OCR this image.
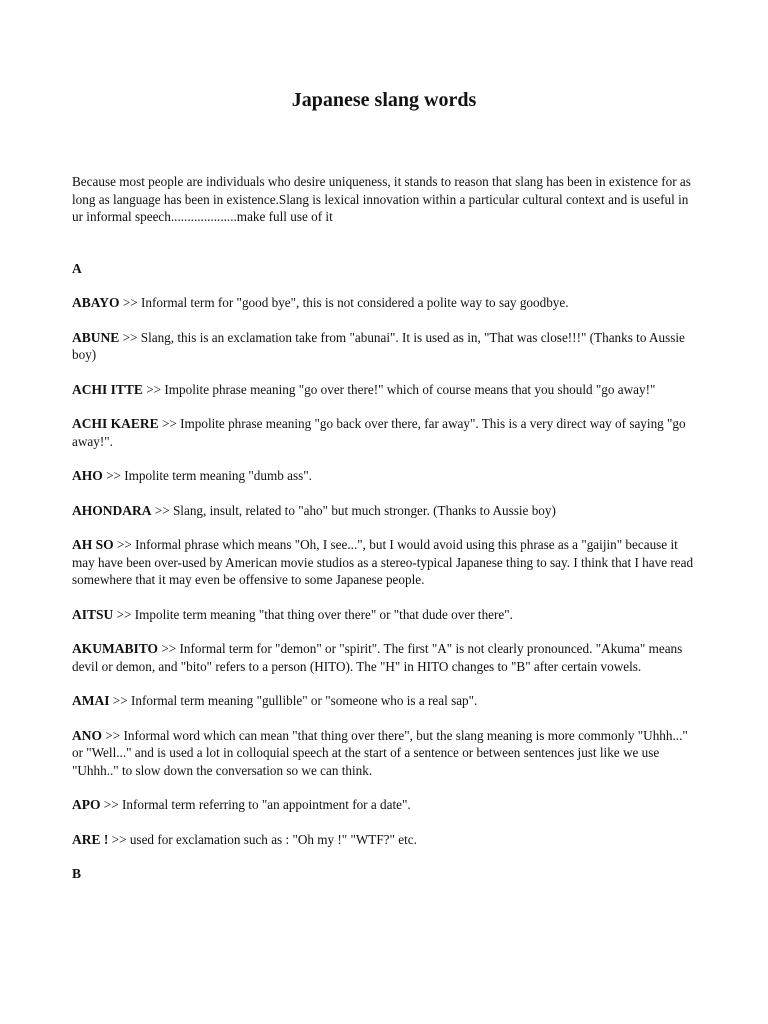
Japanese slang words

Because most people are individuals who desire uniqueness, it stands to reason that slang has been in existence for as long as language has been in existence.Slang is lexical innovation within a particular cultural context and is useful in ur informal speech....................make full use of it

A

ABAYO >> Informal term for "good bye", this is not considered a polite way to say goodbye.

ABUNE >> Slang, this is an exclamation take from "abunai". It is used as in, "That was close!!!" (Thanks to Aussie boy)

ACHI ITTE >> Impolite phrase meaning "go over there!" which of course means that you should "go away!"

ACHI KAERE >> Impolite phrase meaning "go back over there, far away". This is a very direct way of saying "go away!".

AHO >> Impolite term meaning "dumb ass".

AHONDARA >> Slang, insult, related to "aho" but much stronger. (Thanks to Aussie boy)

AH SO >> Informal phrase which means "Oh, I see...", but I would avoid using this phrase as a "gaijin" because it may have been over-used by American movie studios as a stereo-typical Japanese thing to say. I think that I have read somewhere that it may even be offensive to some Japanese people.

AITSU >> Impolite term meaning "that thing over there" or "that dude over there".

AKUMABITO >> Informal term for "demon" or "spirit". The first "A" is not clearly pronounced. "Akuma" means devil or demon, and "bito" refers to a person (HITO). The "H" in HITO changes to "B" after certain vowels.

AMAI >> Informal term meaning "gullible" or "someone who is a real sap".

ANO >> Informal word which can mean "that thing over there", but the slang meaning is more commonly "Uhhh..." or "Well..." and is used a lot in colloquial speech at the start of a sentence or between sentences just like we use "Uhhh.." to slow down the conversation so we can think.

APO >> Informal term referring to "an appointment for a date".

ARE ! >> used for exclamation such as : "Oh my !" "WTF?" etc.

B
